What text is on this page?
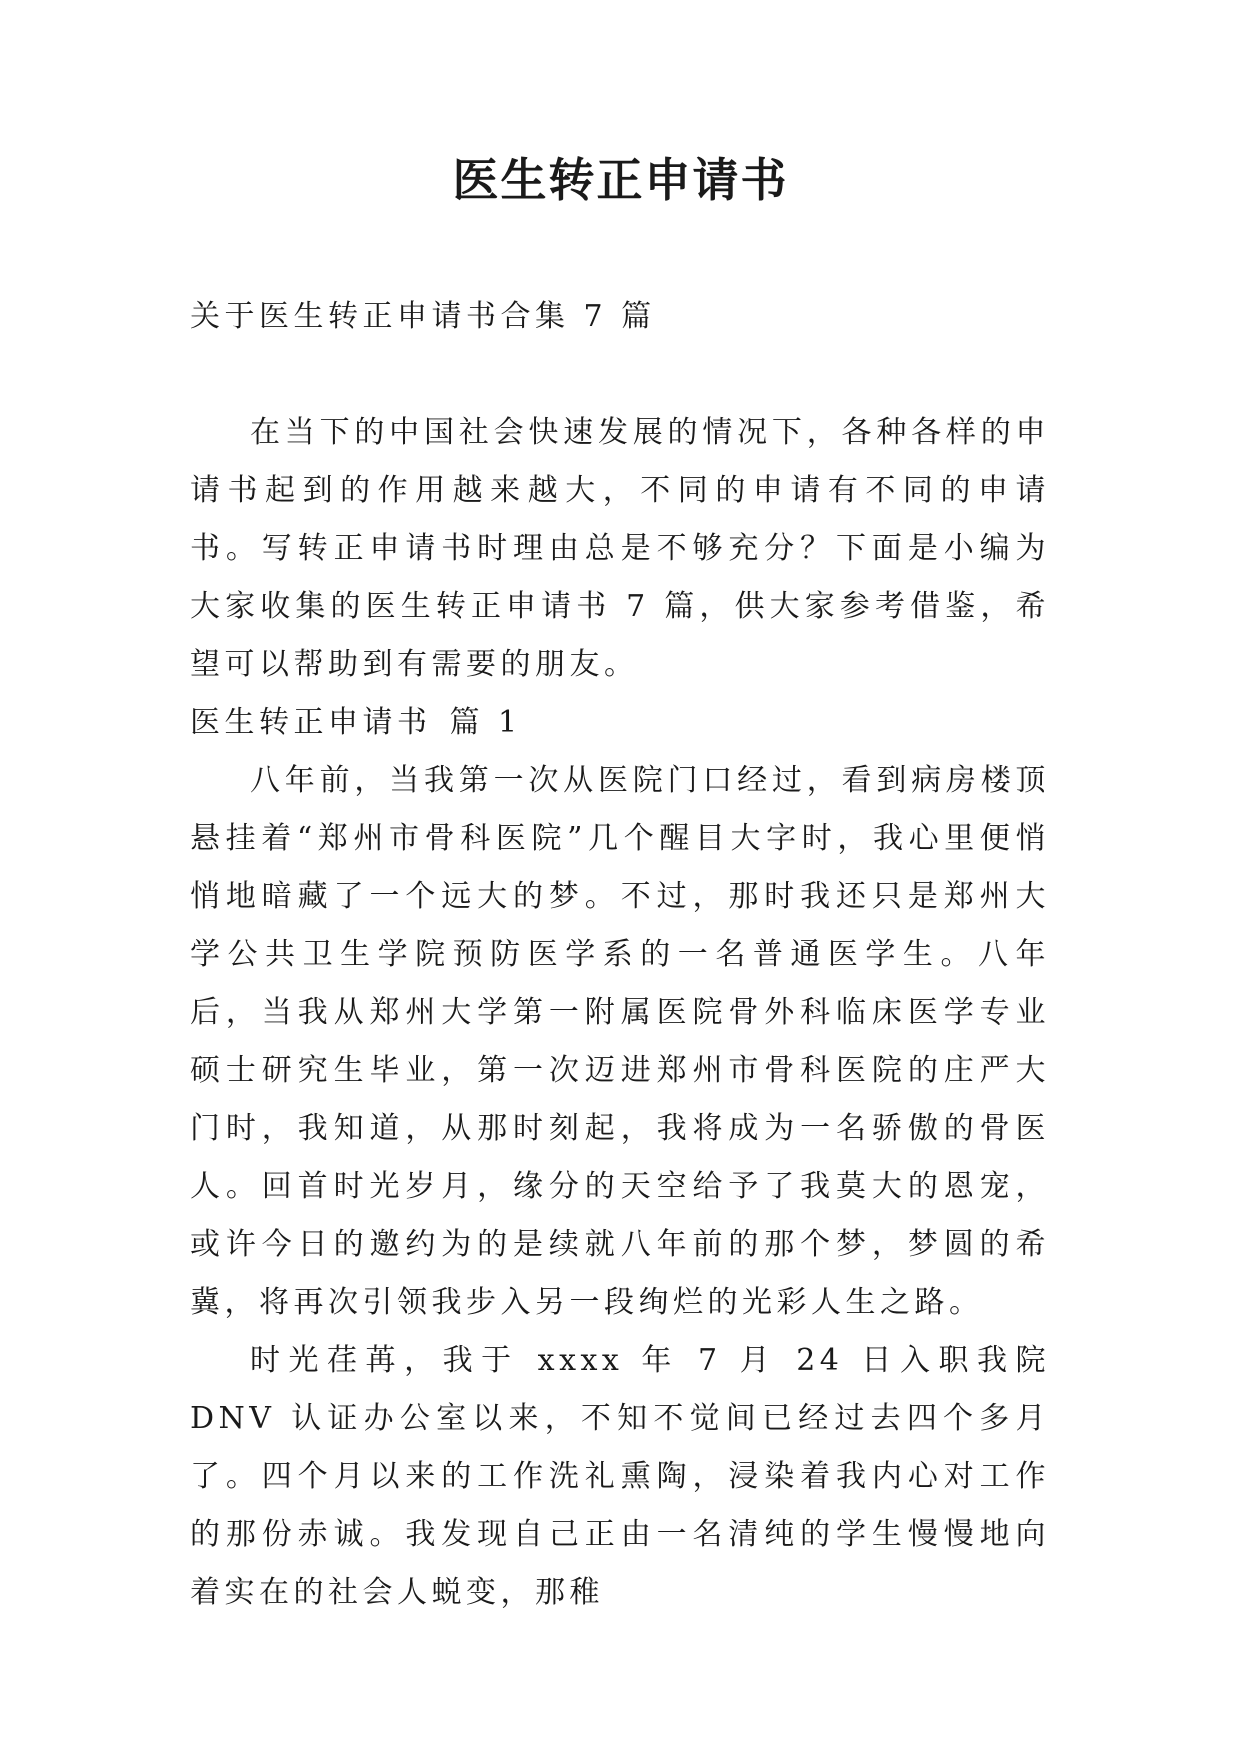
医生转正申请书
关于医生转正申请书合集 7 篇

在当下的中国社会快速发展的情况下，各种各样的申请书起到的作用越来越大，不同的申请有不同的申请书。写转正申请书时理由总是不够充分？下面是小编为大家收集的医生转正申请书 7 篇，供大家参考借鉴，希望可以帮助到有需要的朋友。

医生转正申请书 篇 1

八年前，当我第一次从医院门口经过，看到病房楼顶悬挂着“郑州市骨科医院”几个醒目大字时，我心里便悄悄地暗藏了一个远大的梦。不过，那时我还只是郑州大学公共卫生学院预防医学系的一名普通医学生。八年后，当我从郑州大学第一附属医院骨外科临床医学专业硕士研究生毕业，第一次迈进郑州市骨科医院的庄严大门时，我知道，从那时刻起，我将成为一名骄傲的骨医人。回首时光岁月，缘分的天空给予了我莫大的恩宠，或许今日的邀约为的是续就八年前的那个梦，梦圆的希冀，将再次引领我步入另一段绚烂的光彩人生之路。

时光荏苒，我于 xxxx 年 7 月 24 日入职我院 DNV 认证办公室以来，不知不觉间已经过去四个多月了。四个月以来的工作洗礼熏陶，浸染着我内心对工作的那份赤诚。我发现自己正由一名清纯的学生慢慢地向着实在的社会人蜕变，那稚
